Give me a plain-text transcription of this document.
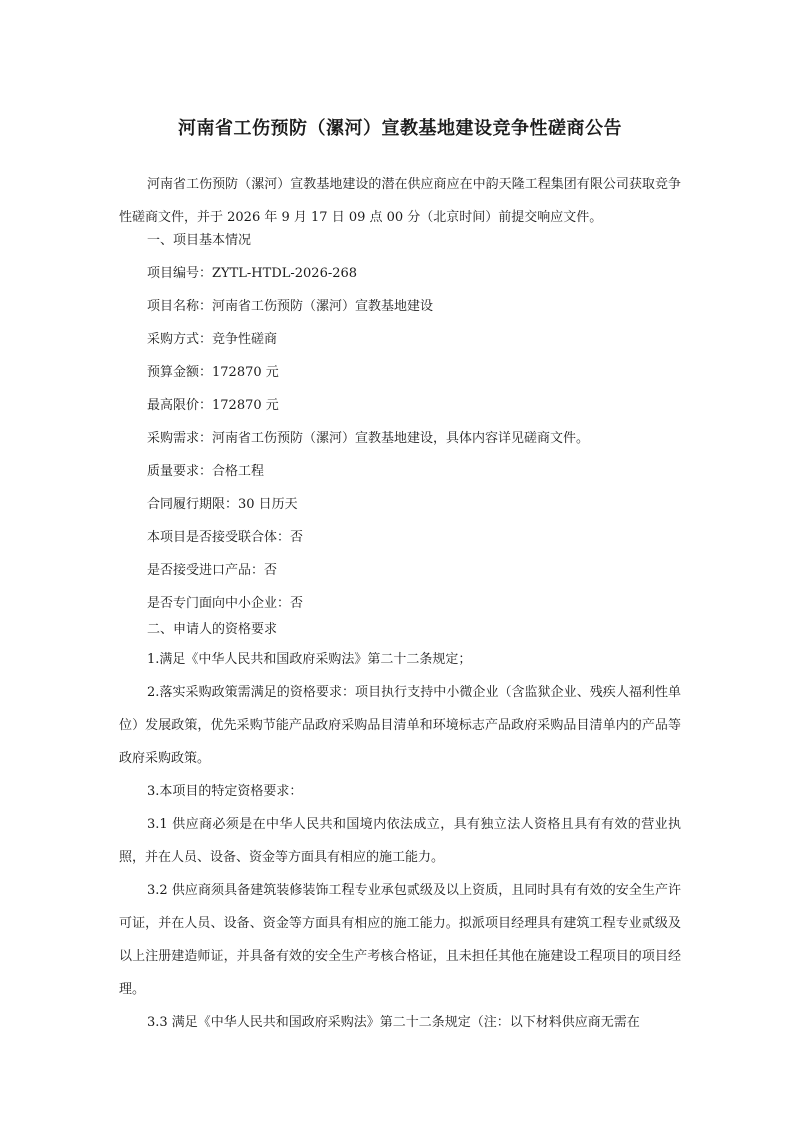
河南省工伤预防（漯河）宣教基地建设竞争性磋商公告

河南省工伤预防（漯河）宣教基地建设的潜在供应商应在中韵天隆工程集团有限公司获取竞争性磋商文件，并于 2026 年 9 月 17 日 09 点 00 分（北京时间）前提交响应文件。

一、项目基本情况

项目编号：ZYTL-HTDL-2026-268

项目名称：河南省工伤预防（漯河）宣教基地建设

采购方式：竞争性磋商

预算金额：172870 元

最高限价：172870 元

采购需求：河南省工伤预防（漯河）宣教基地建设，具体内容详见磋商文件。

质量要求：合格工程

合同履行期限：30 日历天

本项目是否接受联合体：否

是否接受进口产品：否

是否专门面向中小企业：否

二、申请人的资格要求

1.满足《中华人民共和国政府采购法》第二十二条规定；

2.落实采购政策需满足的资格要求：项目执行支持中小微企业（含监狱企业、残疾人福利性单位）发展政策，优先采购节能产品政府采购品目清单和环境标志产品政府采购品目清单内的产品等政府采购政策。

3.本项目的特定资格要求：

3.1 供应商必须是在中华人民共和国境内依法成立，具有独立法人资格且具有有效的营业执照，并在人员、设备、资金等方面具有相应的施工能力。

3.2 供应商须具备建筑装修装饰工程专业承包贰级及以上资质，且同时具有有效的安全生产许可证，并在人员、设备、资金等方面具有相应的施工能力。拟派项目经理具有建筑工程专业贰级及以上注册建造师证，并具备有效的安全生产考核合格证，且未担任其他在施建设工程项目的项目经理。

3.3 满足《中华人民共和国政府采购法》第二十二条规定（注：以下材料供应商无需在
